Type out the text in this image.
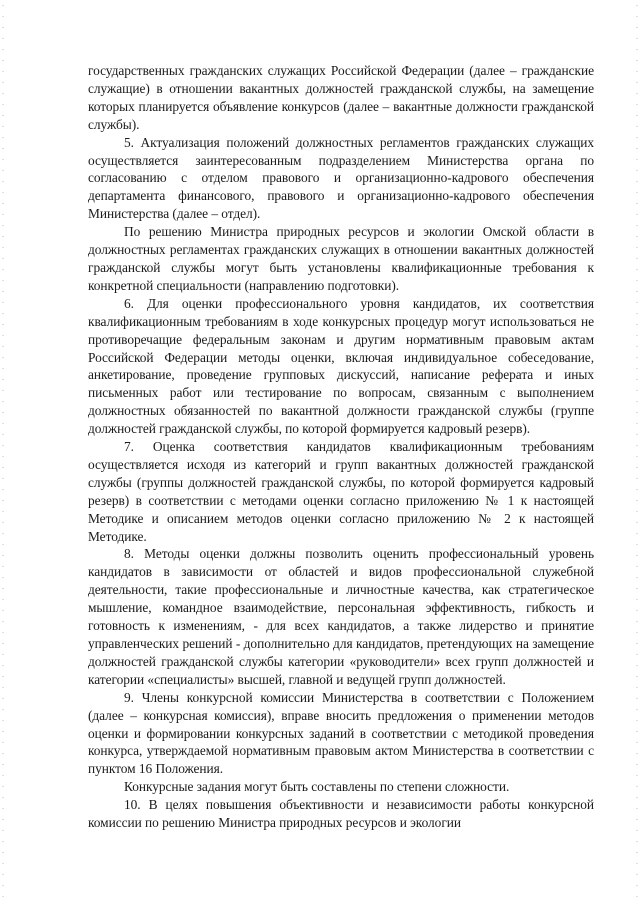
государственных гражданских служащих Российской Федерации (далее – гражданские служащие) в отношении вакантных должностей гражданской службы, на замещение которых планируется объявление конкурсов (далее – вакантные должности гражданской службы).

5. Актуализация положений должностных регламентов гражданских служащих осуществляется заинтересованным подразделением Министерства органа по согласованию с отделом правового и организационно-кадрового обеспечения департамента финансового, правового и организационно-кадрового обеспечения Министерства (далее – отдел).

По решению Министра природных ресурсов и экологии Омской области в должностных регламентах гражданских служащих в отношении вакантных должностей гражданской службы могут быть установлены квалификационные требования к конкретной специальности (направлению подготовки).

6. Для оценки профессионального уровня кандидатов, их соответствия квалификационным требованиям в ходе конкурсных процедур могут использоваться не противоречащие федеральным законам и другим нормативным правовым актам Российской Федерации методы оценки, включая индивидуальное собеседование, анкетирование, проведение групповых дискуссий, написание реферата и иных письменных работ или тестирование по вопросам, связанным с выполнением должностных обязанностей по вакантной должности гражданской службы (группе должностей гражданской службы, по которой формируется кадровый резерв).

7. Оценка соответствия кандидатов квалификационным требованиям осуществляется исходя из категорий и групп вакантных должностей гражданской службы (группы должностей гражданской службы, по которой формируется кадровый резерв) в соответствии с методами оценки согласно приложению № 1 к настоящей Методике и описанием методов оценки согласно приложению № 2 к настоящей Методике.

8. Методы оценки должны позволить оценить профессиональный уровень кандидатов в зависимости от областей и видов профессиональной служебной деятельности, такие профессиональные и личностные качества, как стратегическое мышление, командное взаимодействие, персональная эффективность, гибкость и готовность к изменениям, - для всех кандидатов, а также лидерство и принятие управленческих решений - дополнительно для кандидатов, претендующих на замещение должностей гражданской службы категории «руководители» всех групп должностей и категории «специалисты» высшей, главной и ведущей групп должностей.

9. Члены конкурсной комиссии Министерства в соответствии с Положением (далее – конкурсная комиссия), вправе вносить предложения о применении методов оценки и формировании конкурсных заданий в соответствии с методикой проведения конкурса, утверждаемой нормативным правовым актом Министерства в соответствии с пунктом 16 Положения.

Конкурсные задания могут быть составлены по степени сложности.

10. В целях повышения объективности и независимости работы конкурсной комиссии по решению Министра природных ресурсов и экологии
